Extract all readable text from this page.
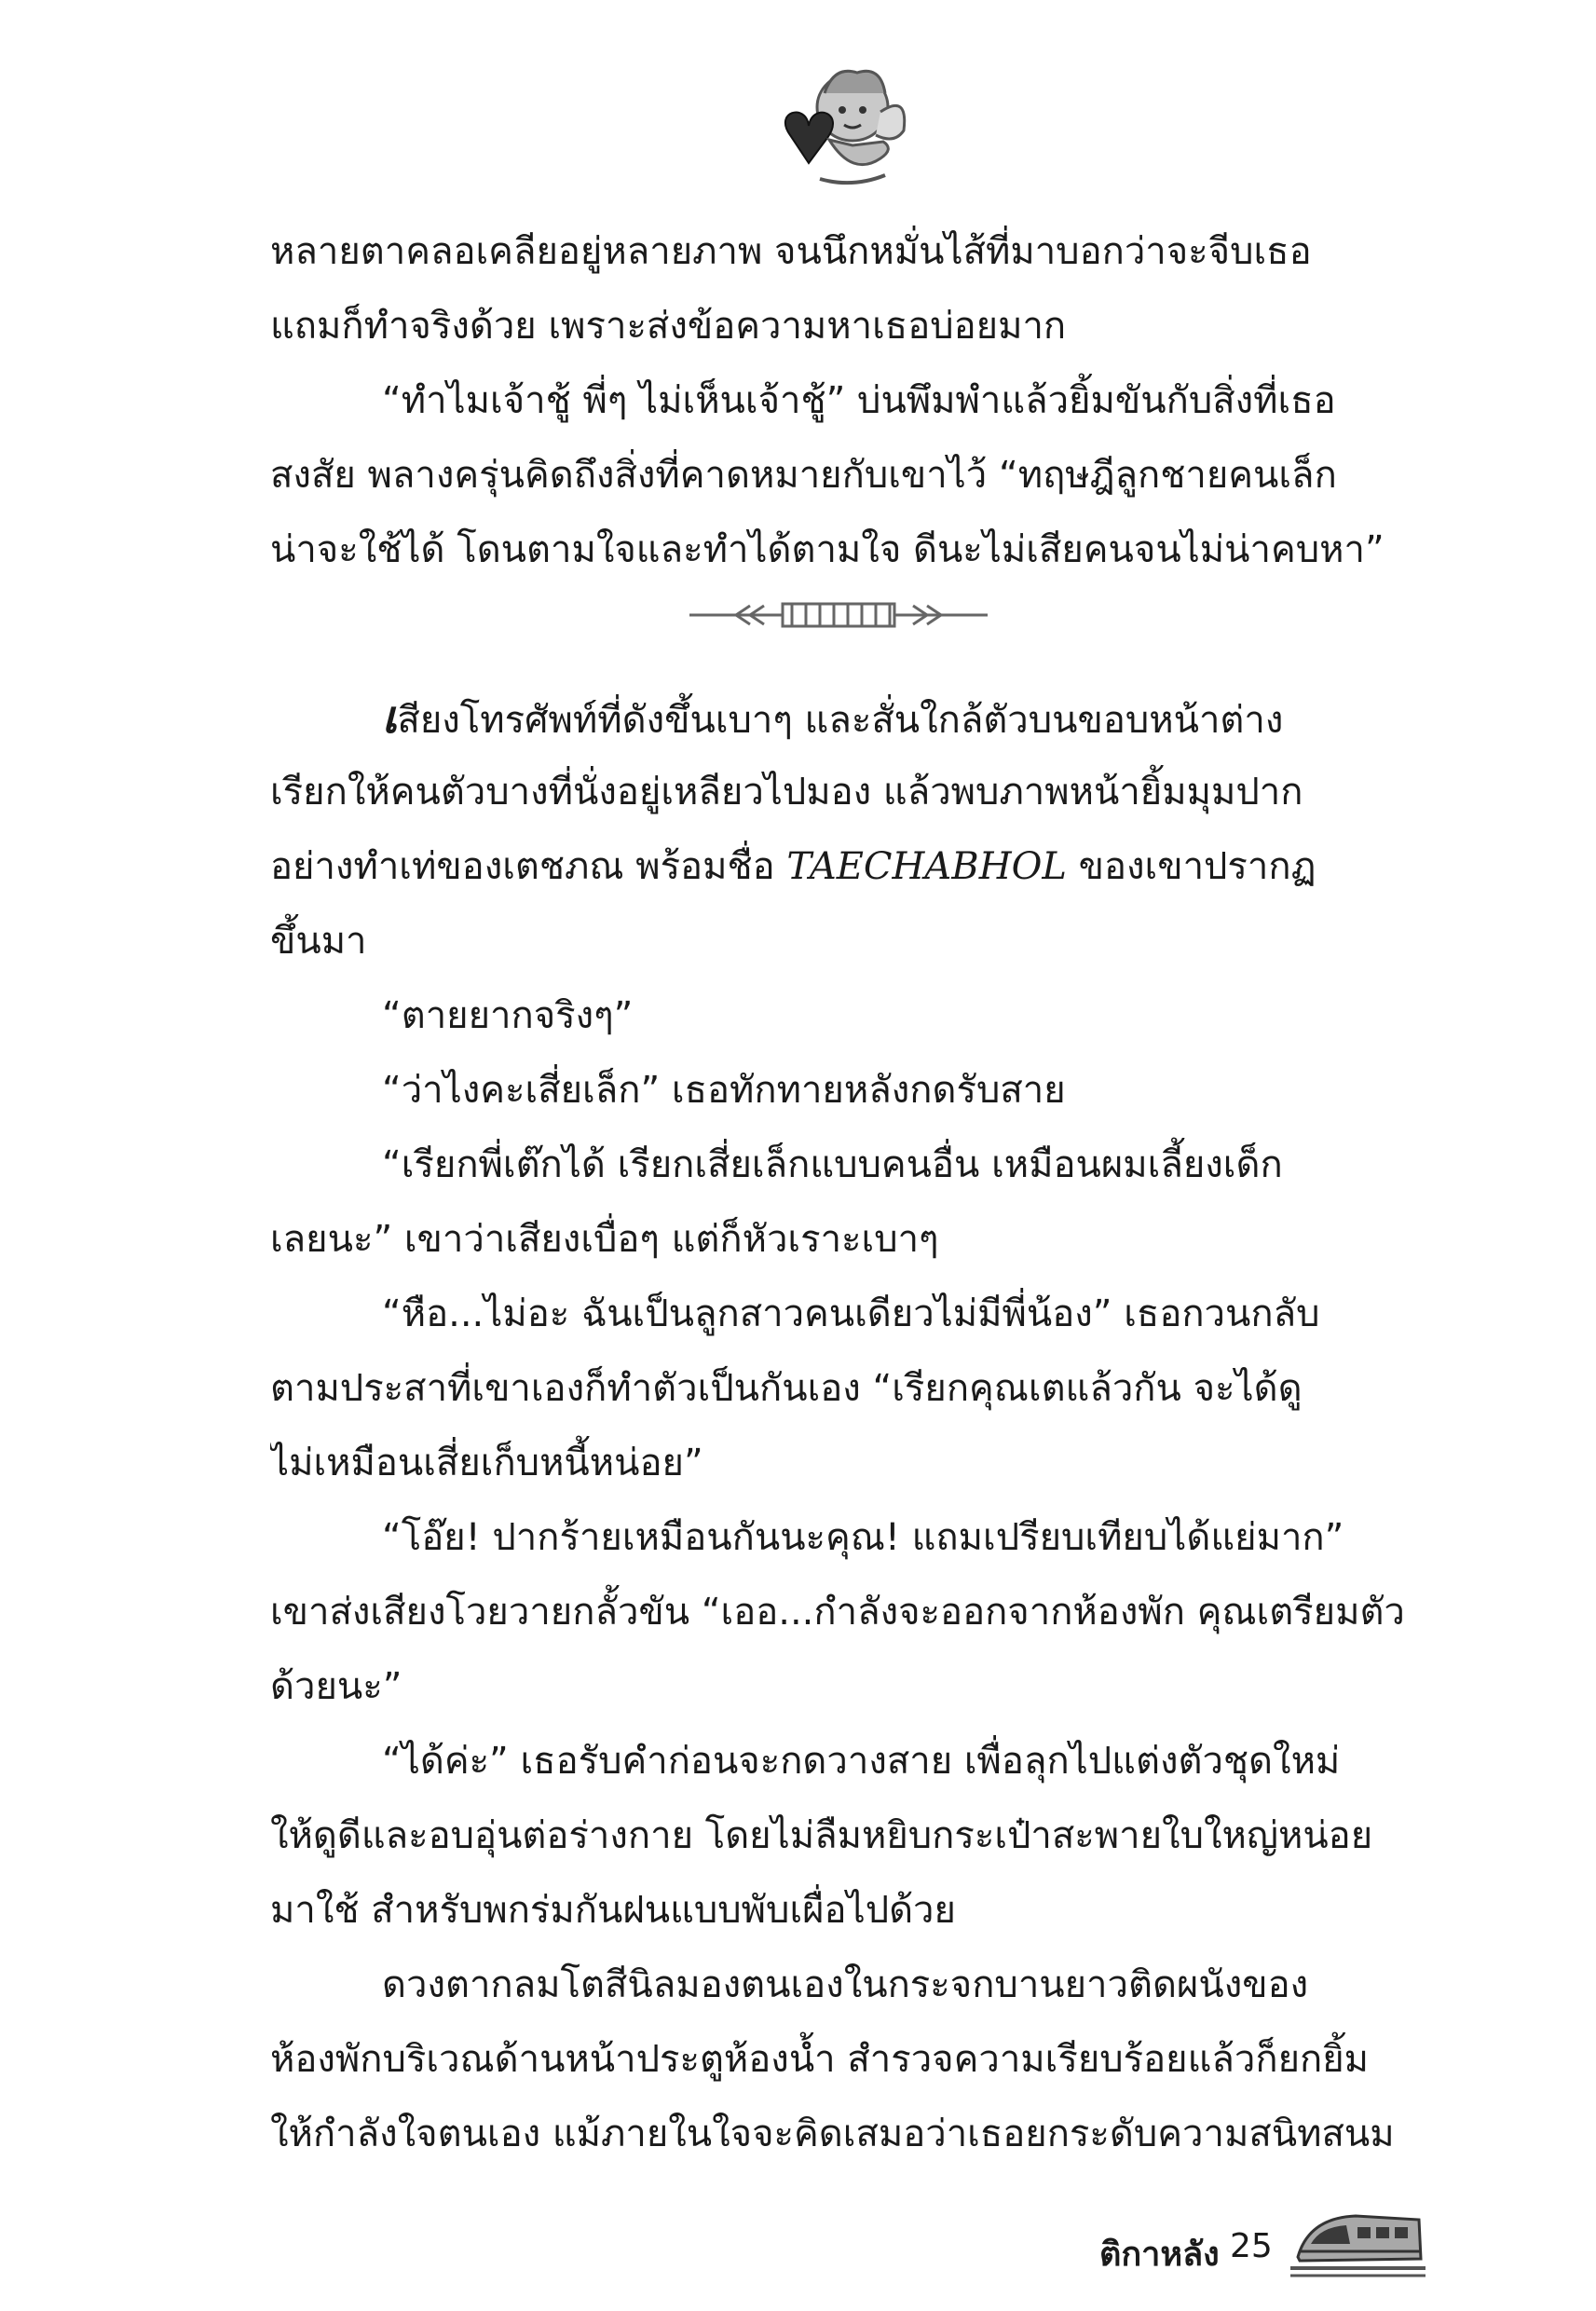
หลายตาคลอเคลียอยู่หลายภาพ จนนึกหมั่นไส้ที่มาบอกว่าจะจีบเธอ
แถมก็ทำจริงด้วย เพราะส่งข้อความหาเธอบ่อยมาก
“ทำไมเจ้าชู้ พี่ๆ ไม่เห็นเจ้าชู้” บ่นพึมพำแล้วยิ้มขันกับสิ่งที่เธอ
สงสัย พลางครุ่นคิดถึงสิ่งที่คาดหมายกับเขาไว้ “ทฤษฎีลูกชายคนเล็ก
น่าจะใช้ได้ โดนตามใจและทำได้ตามใจ ดีนะไม่เสียคนจนไม่น่าคบหา”
เสียงโทรศัพท์ที่ดังขึ้นเบาๆ และสั่นใกล้ตัวบนขอบหน้าต่าง
เรียกให้คนตัวบางที่นั่งอยู่เหลียวไปมอง แล้วพบภาพหน้ายิ้มมุมปาก
อย่างทำเท่ของเตชภณ พร้อมชื่อ TAECHABHOL ของเขาปรากฏ
ขึ้นมา
“ตายยากจริงๆ”
“ว่าไงคะเสี่ยเล็ก” เธอทักทายหลังกดรับสาย
“เรียกพี่เต๊กได้ เรียกเสี่ยเล็กแบบคนอื่น เหมือนผมเลี้ยงเด็ก
เลยนะ” เขาว่าเสียงเบื่อๆ แต่ก็หัวเราะเบาๆ
“หือ...ไม่อะ ฉันเป็นลูกสาวคนเดียวไม่มีพี่น้อง” เธอกวนกลับ
ตามประสาที่เขาเองก็ทำตัวเป็นกันเอง “เรียกคุณเตแล้วกัน จะได้ดู
ไม่เหมือนเสี่ยเก็บหนี้หน่อย”
“โอ๊ย! ปากร้ายเหมือนกันนะคุณ! แถมเปรียบเทียบได้แย่มาก”
เขาส่งเสียงโวยวายกลั้วขัน “เออ...กำลังจะออกจากห้องพัก คุณเตรียมตัว
ด้วยนะ”
“ได้ค่ะ” เธอรับคำก่อนจะกดวางสาย เพื่อลุกไปแต่งตัวชุดใหม่
ให้ดูดีและอบอุ่นต่อร่างกาย โดยไม่ลืมหยิบกระเป๋าสะพายใบใหญ่หน่อย
มาใช้ สำหรับพกร่มกันฝนแบบพับเผื่อไปด้วย
ดวงตากลมโตสีนิลมองตนเองในกระจกบานยาวติดผนังของ
ห้องพักบริเวณด้านหน้าประตูห้องน้ำ สำรวจความเรียบร้อยแล้วก็ยกยิ้ม
ให้กำลังใจตนเอง แม้ภายในใจจะคิดเสมอว่าเธอยกระดับความสนิทสนม
ติกาหลัง 25
